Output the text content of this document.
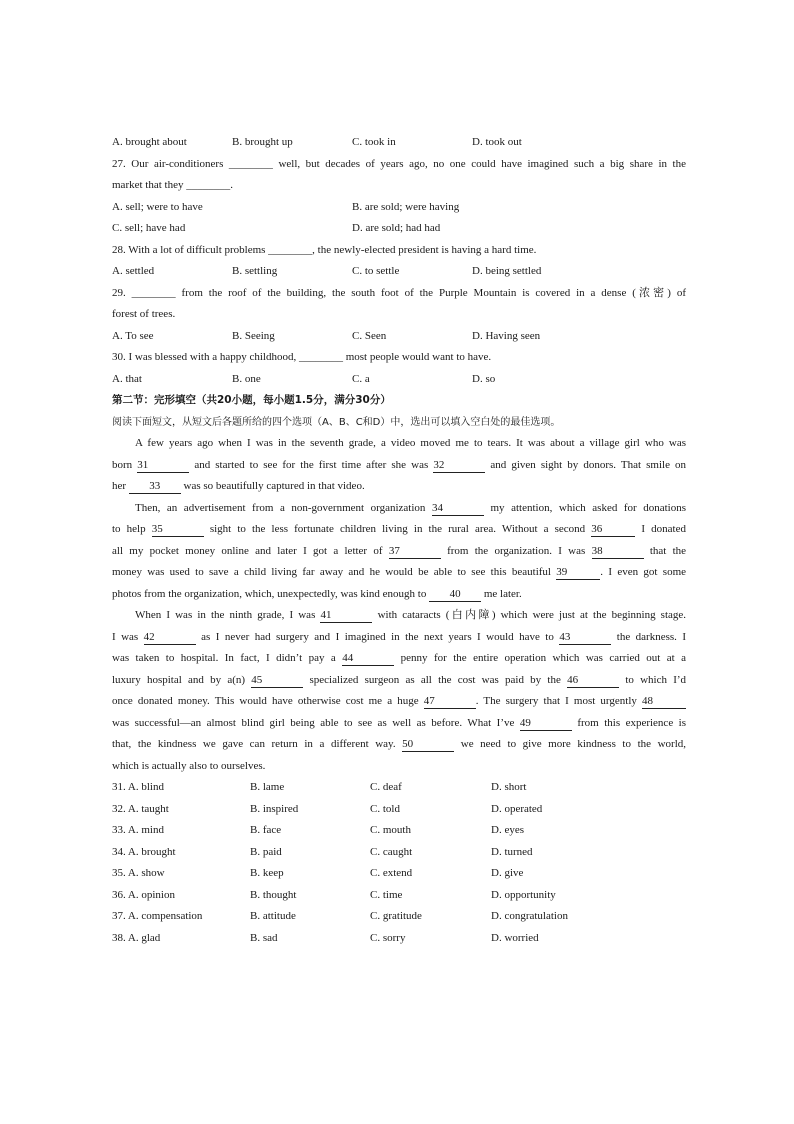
A. brought about	B. brought up	C. took in	D. took out
27. Our air-conditioners ________ well, but decades of years ago, no one could have imagined such a big share in the
market that they ________.
A. sell; were to have	B. are sold; were having
C. sell; have had	D. are sold; had had
28. With a lot of difficult problems ________, the newly-elected president is having a hard time.
A. settled	B. settling	C. to settle	D. being settled
29. ________ from the roof of the building, the south foot of the Purple Mountain is covered in a dense (浓密) of
forest of trees.
A. To see	B. Seeing	C. Seen	D. Having seen
30. I was blessed with a happy childhood, ________ most people would want to have.
A. that	B. one	C. a	D. so
第二节：完形填空（共20小题，每小题1.5分，满分30分）
阅读下面短文，从短文后各题所给的四个选项（A、B、C和D）中，选出可以填入空白处的最佳选项。
A few years ago when I was in the seventh grade, a video moved me to tears. It was about a village girl who was
born 31	and started to see for the first time after she was 32	and given sight by donors. That smile on
her 33 was so beautifully captured in that video.
Then, an advertisement from a non-government organization 34	my attention, which asked for donations
to help 35	sight to the less fortunate children living in the rural area. Without a second 36	I donated
all my pocket money online and later I got a letter of 37	from the organization. I was 38	that the
money was used to save a child living far away and he would be able to see this beautiful 39	. I even got some
photos from the organization, which, unexpectedly, was kind enough to 40 me later.
When I was in the ninth grade, I was 41	with cataracts (白内障) which were just at the beginning stage.
I was 42	as I never had surgery and I imagined in the next years I would have to 43	the darkness. I
was taken to hospital. In fact, I didn’t pay a 44	penny for the entire operation which was carried out at a
luxury hospital and by a(n) 45	specialized surgeon as all the cost was paid by the 46	to which I’d
once donated money. This would have otherwise cost me a huge 47	. The surgery that I most urgently 48
was successful—an almost blind girl being able to see as well as before. What I’ve 49	from this experience is
that, the kindness we gave can return in a different way. 50	we need to give more kindness to the world,
which is actually also to ourselves.
31. A. blind	B. lame	C. deaf	D. short
32. A. taught	B. inspired	C. told	D. operated
33. A. mind	B. face	C. mouth	D. eyes
34. A. brought	B. paid	C. caught	D. turned
35. A. show	B. keep	C. extend	D. give
36. A. opinion	B. thought	C. time	D. opportunity
37. A. compensation	B. attitude	C. gratitude	D. congratulation
38. A. glad	B. sad	C. sorry	D. worried
